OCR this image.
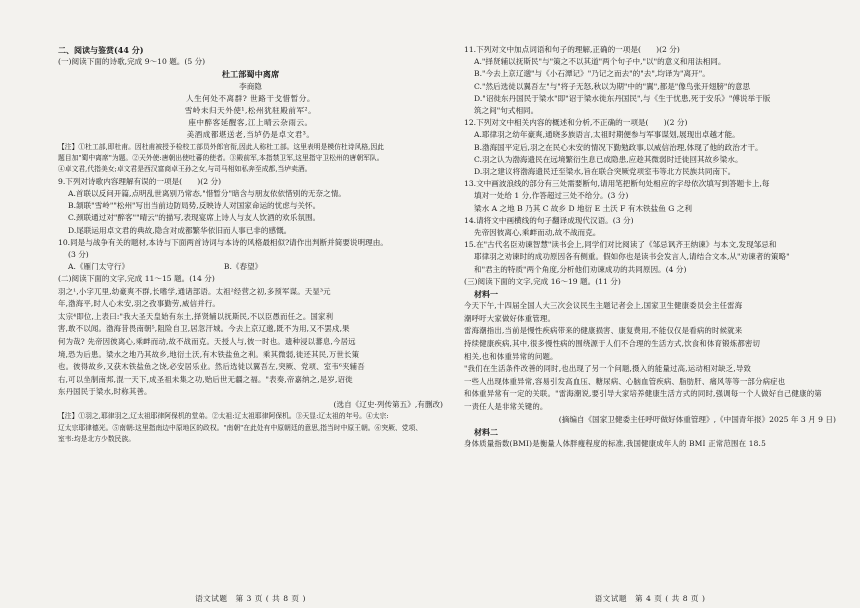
二、阅读与鉴赏(44 分)

(一)阅读下面的诗歌,完成 9～10 题。(5 分)

杜工部蜀中离席

李商隐

人生何处不离群? 世路干戈惜暂分。

雪岭未归天外使¹,松州犹驻殿前军²。

座中醉客延醒客,江上晴云杂雨云。

美酒成都堪送老,当垆仍是卓文君³。

【注】①杜工部,即杜甫。因杜甫被授予检校工部员外郎官衔,因此人称杜工部。这里表明是模仿杜诗风格,因此

题目加"蜀中离席"为题。②天外使:唐朝出使吐蕃的使者。③殿前军,本指禁卫军,这里指守卫松州的唐朝军队。

④卓文君,代指美女;卓文君是西汉富商卓王孙之女,与司马相如私奔至成都,当垆卖酒。

9.下列对诗歌内容理解有误的一项是(　　)(2 分)

A.首联以反问开篇,点明乱世离别乃常态,"惜暂分"暗含与朋友依依惜别的无奈之情。

B.颔联"雪岭""松州"写出当前边防局势,反映诗人对国家命运的忧虑与关怀。

C.颈联通过对"醉客""晴云"的描写,表现宴席上诗人与友人饮酒的欢乐氛围。

D.尾联运用卓文君的典故,隐含对成都繁华依旧而人事已非的感慨。

10.同是与战争有关的题材,本诗与下面两首诗词与本诗的风格最相似?请作出判断并简要说明理由。

(3 分)

A.《雁门太守行》	B.《春望》

(二)阅读下面的文字,完成 11～15 题。(14 分)

羽之¹,小字兀里,幼豪爽不群,长嗜学,通诸部语。太祖²经营之初,多预军谋。天显³元

年,渤海平,时人心未安,羽之孜事勤劳,威信并行。

太宗⁴即位,上表曰:"我大圣天皇始有东土,择贤辅以抚斯民,不以臣愚而任之。国家利

害,敢不以闻。渤海昔畏南朝⁵,阻险自卫,居忽汗城。今去上京辽邈,既不为用,又不罢戍,果

何为哉? 先帝因彼离心,乘衅而动,故不战而克。天授人与,彼一时也。遗种浸以蕃息,今居远

境,恐为后患。梁水之地乃其故乡,地衍土沃,有木铁盐鱼之利。乘其微弱,徙还其民,万世长策

也。彼得故乡,又获木铁盐鱼之饶,必安居乐业。然后选徒以翼吾左,突厥、党项、室韦⁶夹辅吾

右,可以坐制南邦,混一天下,成圣祖未集之功,贻后世无疆之福。"表奏,帝嘉纳之,是岁,诏徙

东丹国民于梁水,时称其善。

(选自《辽史·列传第五》,有删改)

【注】①羽之,耶律羽之,辽太祖耶律阿保机的堂弟。②太祖:辽太祖耶律阿保机。③天显:辽太祖的年号。④太宗:

辽太宗耶律德光。⑤南朝:这里指南边中原地区的政权。"南朝"在此处有中原朝廷的意思,指当时中原王朝。⑥突厥、党项、

室韦:均是北方少数民族。

11.下列对文中加点词语和句子的理解,正确的一项是(　　)(2 分)

A."择贤辅以抚斯民"与"策之不以其道"两个句子中,"以"的意义和用法相同。

B."今去上京辽邈"与《小石潭记》"乃记之而去"的"去",均译为"离开"。

C."然后选徒以翼吾左"与"将子无怒,秋以为期"中的"翼",都是"像鸟张开翅膀"的意思

D."诏徙东丹国民于梁水"即"诏于梁水徙东丹国民",与《生于忧患,死于安乐》"傅说举于版

筑之间"句式相同。

12.下列对文中相关内容的概述和分析,不正确的一项是(　　)(2 分)

A.耶律羽之幼年豪爽,通晓多族语言,太祖时期便参与军事谋划,展现出卓越才能。

B.渤海国平定后,羽之在民心未安的情况下勤勉政事,以威信治理,体现了他的政治才干。

C.羽之认为渤海遗民在远境繁衍生息已成隐患,应趁其微弱时迁徙回其故乡梁水。

D.羽之建议将渤海遗民迁至梁水,旨在联合突厥党项室韦等北方民族共同南下。

13.文中画波浪线的部分有三处需要断句,请用笔把断句处相应的字母依次填写到答题卡上,每

填对一处给 1 分,作答超过三处不给分。(3 分)

梁水 A 之地 B 乃其 C 故乡 D 地衍 E 土沃 F 有木铁盐鱼 G 之利

14.请将文中画横线的句子翻译成现代汉语。(3 分)

先帝因彼离心,乘衅而动,故不战而克。

15.在"古代名臣劝谏智慧"读书会上,同学们对比阅读了《邹忌讽齐王纳谏》与本文,发现邹忌和

耶律羽之劝谏时的成功原因各有侧重。假如你也是读书会发言人,请结合文本,从"劝谏者的策略"

和"君主的特质"两个角度,分析他们劝谏成功的共同原因。(4 分)

(三)阅读下面的文字,完成 16～19 题。(11 分)

材料一

今天下午,十四届全国人大三次会议民生主题记者会上,国家卫生健康委员会主任雷海

潮呼吁大家做好体重管理。

雷海潮指出,当前是慢性疾病带来的健康损害、康复费用,不能仅仅是看病的时候就来

持续健康疾病,其中,很多慢性病的围绕源于人们不合理的生活方式,饮食和体育锻炼都密切

相关,也和体重异常的问题。

"我们在生活条件改善的同时,也出现了另一个问题,摄入的能量过高,运动相对缺乏,导致

一些人出现体重异常,容易引发高血压、糖尿病、心脑血管疾病、脂肪肝、痛风等等一部分病症也

和体重异常有一定的关联。"雷海潮说,要引导大家培养健康生活方式的同时,强调每一个人做好自己健康的第

一责任人是非常关键的。

(摘编自《国家卫健委主任呼吁做好体重管理》,《中国青年报》2025 年 3 月 9 日)

材料二

身体质量指数(BMI)是衡量人体胖瘦程度的标准,我国健康成年人的 BMI 正常范围在 18.5

语文试题　第 3 页 ( 共 8 页 )	语文试题　第 4 页 ( 共 8 页 )
